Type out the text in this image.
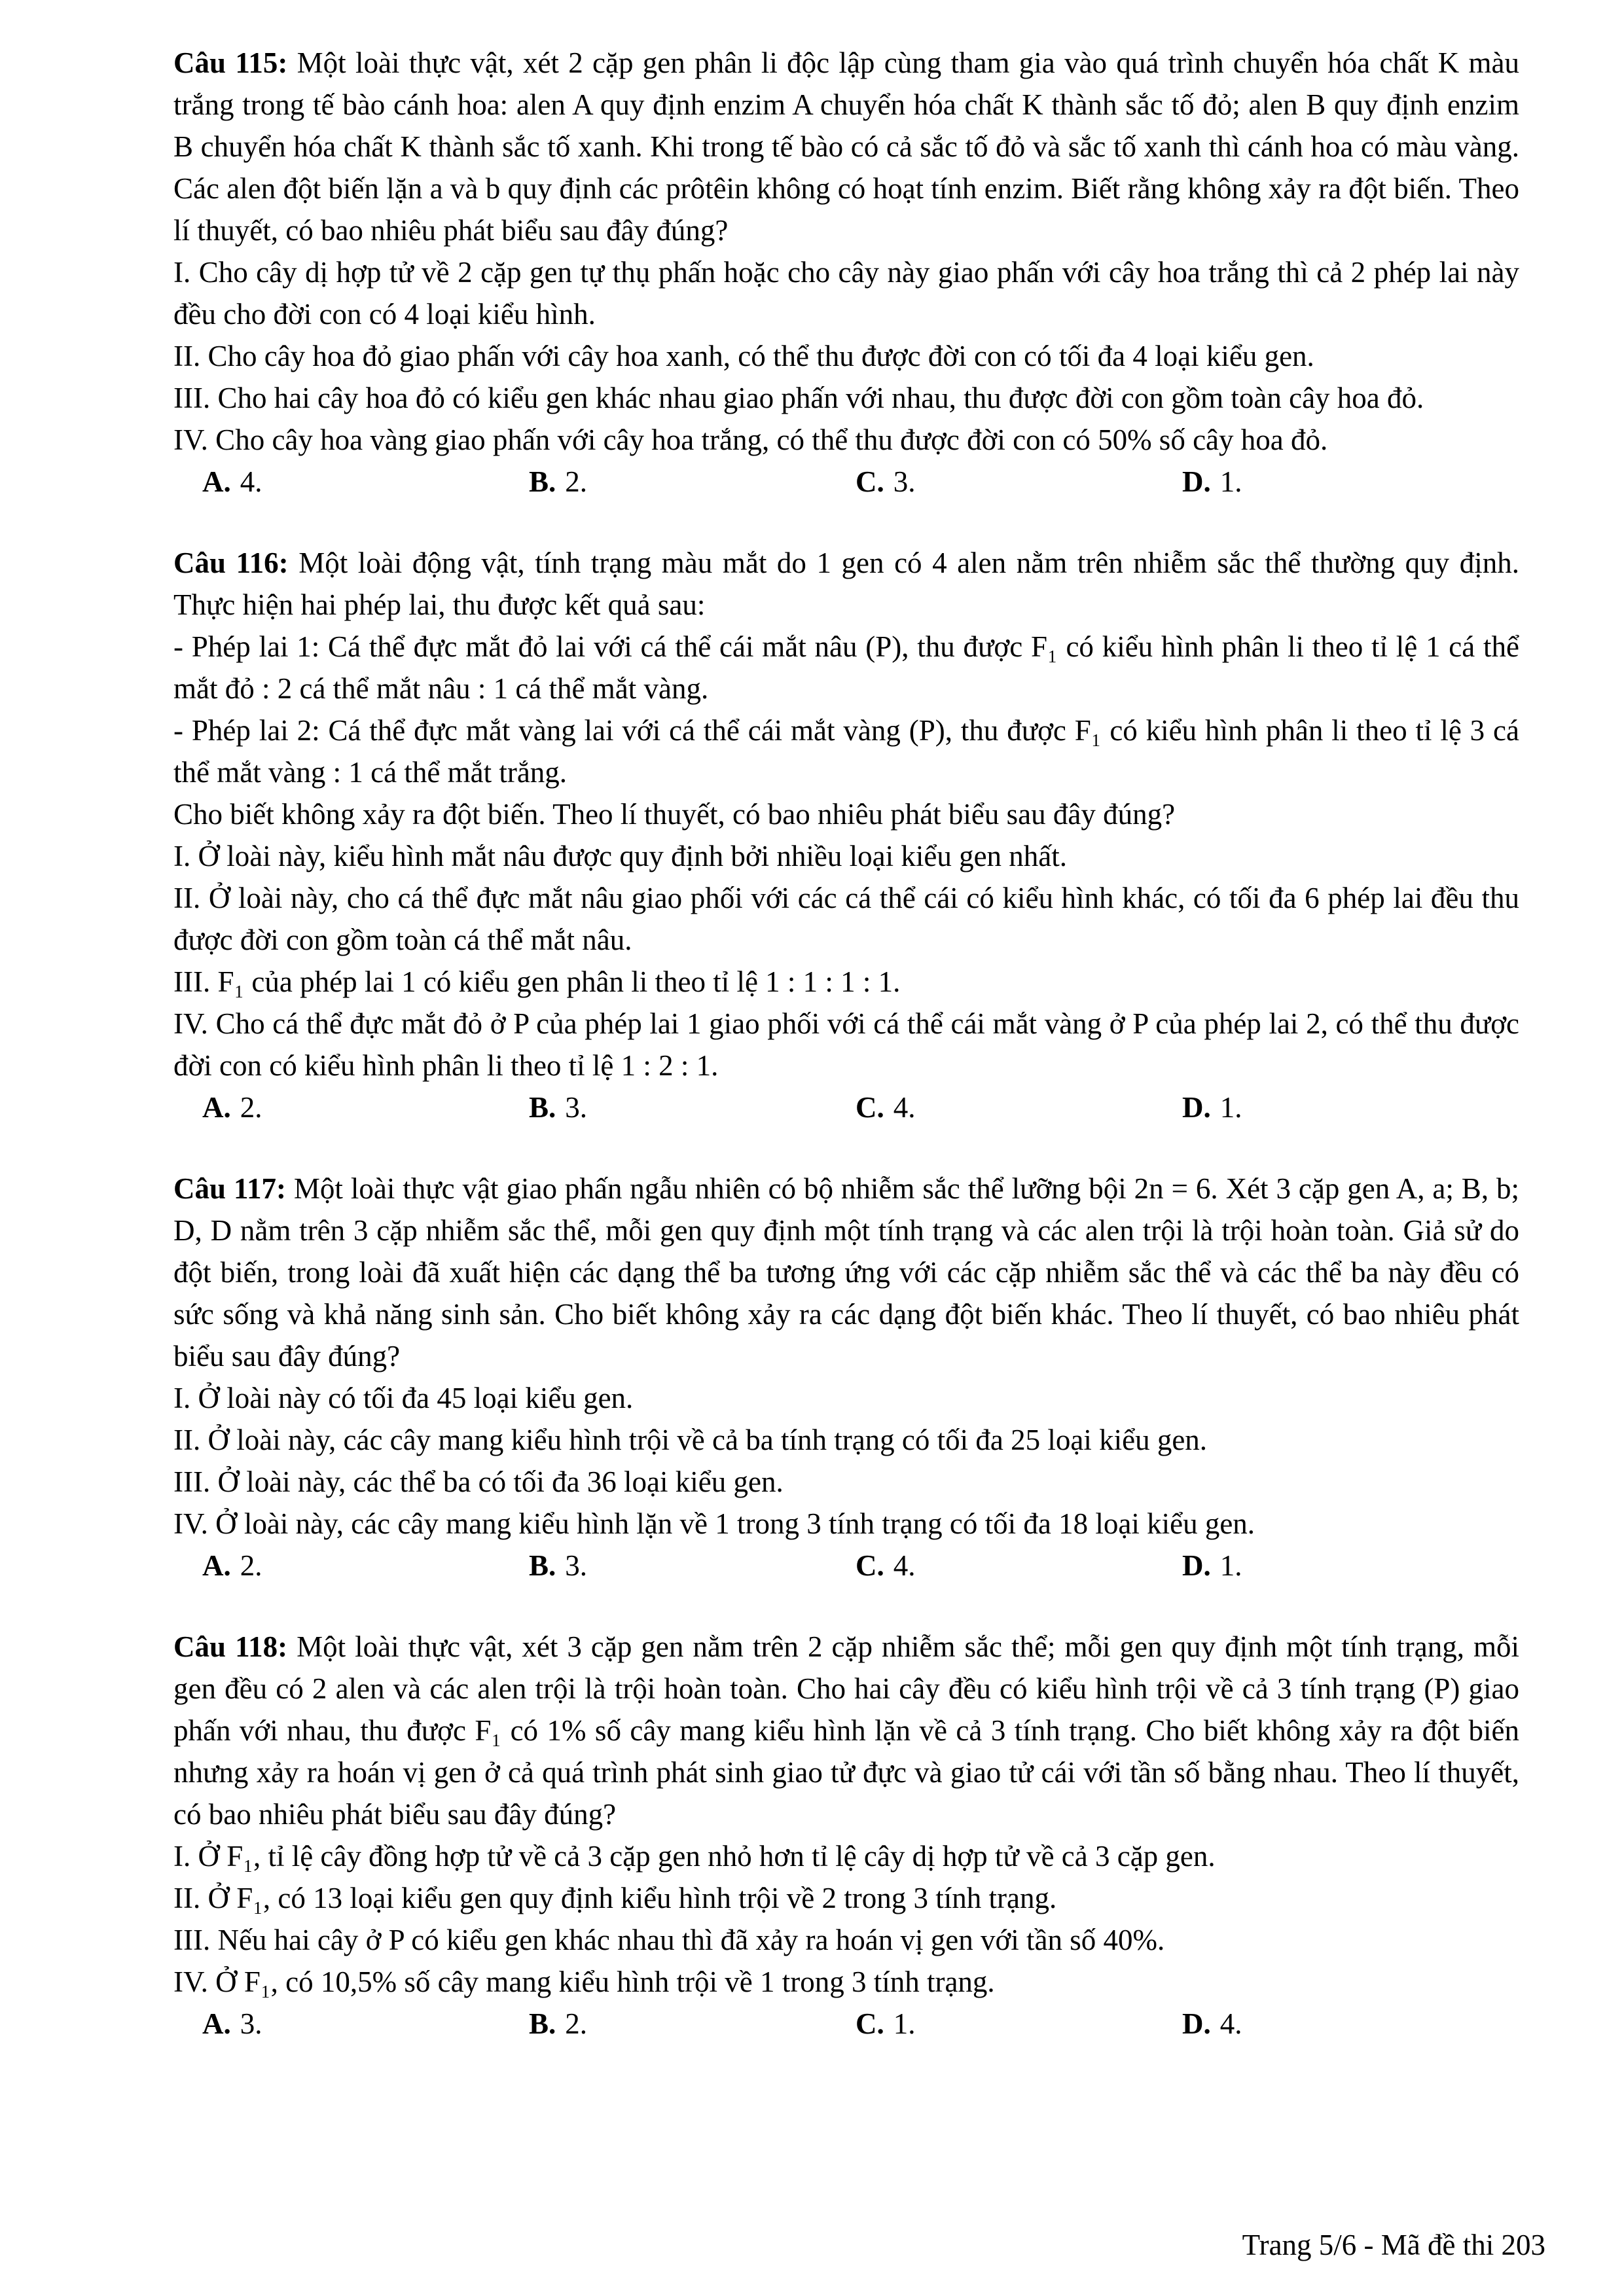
Câu 115: Một loài thực vật, xét 2 cặp gen phân li độc lập cùng tham gia vào quá trình chuyển hóa chất K màu trắng trong tế bào cánh hoa: alen A quy định enzim A chuyển hóa chất K thành sắc tố đỏ; alen B quy định enzim B chuyển hóa chất K thành sắc tố xanh. Khi trong tế bào có cả sắc tố đỏ và sắc tố xanh thì cánh hoa có màu vàng. Các alen đột biến lặn a và b quy định các prôtêin không có hoạt tính enzim. Biết rằng không xảy ra đột biến. Theo lí thuyết, có bao nhiêu phát biểu sau đây đúng?

I. Cho cây dị hợp tử về 2 cặp gen tự thụ phấn hoặc cho cây này giao phấn với cây hoa trắng thì cả 2 phép lai này đều cho đời con có 4 loại kiểu hình.

II. Cho cây hoa đỏ giao phấn với cây hoa xanh, có thể thu được đời con có tối đa 4 loại kiểu gen.

III. Cho hai cây hoa đỏ có kiểu gen khác nhau giao phấn với nhau, thu được đời con gồm toàn cây hoa đỏ.

IV. Cho cây hoa vàng giao phấn với cây hoa trắng, có thể thu được đời con có 50% số cây hoa đỏ.

A. 4.	B. 2.	C. 3.	D. 1.

Câu 116: Một loài động vật, tính trạng màu mắt do 1 gen có 4 alen nằm trên nhiễm sắc thể thường quy định. Thực hiện hai phép lai, thu được kết quả sau:

- Phép lai 1: Cá thể đực mắt đỏ lai với cá thể cái mắt nâu (P), thu được F₁ có kiểu hình phân li theo tỉ lệ 1 cá thể mắt đỏ : 2 cá thể mắt nâu : 1 cá thể mắt vàng.

- Phép lai 2: Cá thể đực mắt vàng lai với cá thể cái mắt vàng (P), thu được F₁ có kiểu hình phân li theo tỉ lệ 3 cá thể mắt vàng : 1 cá thể mắt trắng.

Cho biết không xảy ra đột biến. Theo lí thuyết, có bao nhiêu phát biểu sau đây đúng?

I. Ở loài này, kiểu hình mắt nâu được quy định bởi nhiều loại kiểu gen nhất.

II. Ở loài này, cho cá thể đực mắt nâu giao phối với các cá thể cái có kiểu hình khác, có tối đa 6 phép lai đều thu được đời con gồm toàn cá thể mắt nâu.

III. F₁ của phép lai 1 có kiểu gen phân li theo tỉ lệ 1 : 1 : 1 : 1.

IV. Cho cá thể đực mắt đỏ ở P của phép lai 1 giao phối với cá thể cái mắt vàng ở P của phép lai 2, có thể thu được đời con có kiểu hình phân li theo tỉ lệ 1 : 2 : 1.

A. 2.	B. 3.	C. 4.	D. 1.

Câu 117: Một loài thực vật giao phấn ngẫu nhiên có bộ nhiễm sắc thể lưỡng bội 2n = 6. Xét 3 cặp gen A, a; B, b; D, D nằm trên 3 cặp nhiễm sắc thể, mỗi gen quy định một tính trạng và các alen trội là trội hoàn toàn. Giả sử do đột biến, trong loài đã xuất hiện các dạng thể ba tương ứng với các cặp nhiễm sắc thể và các thể ba này đều có sức sống và khả năng sinh sản. Cho biết không xảy ra các dạng đột biến khác. Theo lí thuyết, có bao nhiêu phát biểu sau đây đúng?

I. Ở loài này có tối đa 45 loại kiểu gen.

II. Ở loài này, các cây mang kiểu hình trội về cả ba tính trạng có tối đa 25 loại kiểu gen.

III. Ở loài này, các thể ba có tối đa 36 loại kiểu gen.

IV. Ở loài này, các cây mang kiểu hình lặn về 1 trong 3 tính trạng có tối đa 18 loại kiểu gen.

A. 2.	B. 3.	C. 4.	D. 1.

Câu 118: Một loài thực vật, xét 3 cặp gen nằm trên 2 cặp nhiễm sắc thể; mỗi gen quy định một tính trạng, mỗi gen đều có 2 alen và các alen trội là trội hoàn toàn. Cho hai cây đều có kiểu hình trội về cả 3 tính trạng (P) giao phấn với nhau, thu được F₁ có 1% số cây mang kiểu hình lặn về cả 3 tính trạng. Cho biết không xảy ra đột biến nhưng xảy ra hoán vị gen ở cả quá trình phát sinh giao tử đực và giao tử cái với tần số bằng nhau. Theo lí thuyết, có bao nhiêu phát biểu sau đây đúng?

I. Ở F₁, tỉ lệ cây đồng hợp tử về cả 3 cặp gen nhỏ hơn tỉ lệ cây dị hợp tử về cả 3 cặp gen.

II. Ở F₁, có 13 loại kiểu gen quy định kiểu hình trội về 2 trong 3 tính trạng.

III. Nếu hai cây ở P có kiểu gen khác nhau thì đã xảy ra hoán vị gen với tần số 40%.

IV. Ở F₁, có 10,5% số cây mang kiểu hình trội về 1 trong 3 tính trạng.

A. 3.	B. 2.	C. 1.	D. 4.
Trang 5/6 - Mã đề thi 203
